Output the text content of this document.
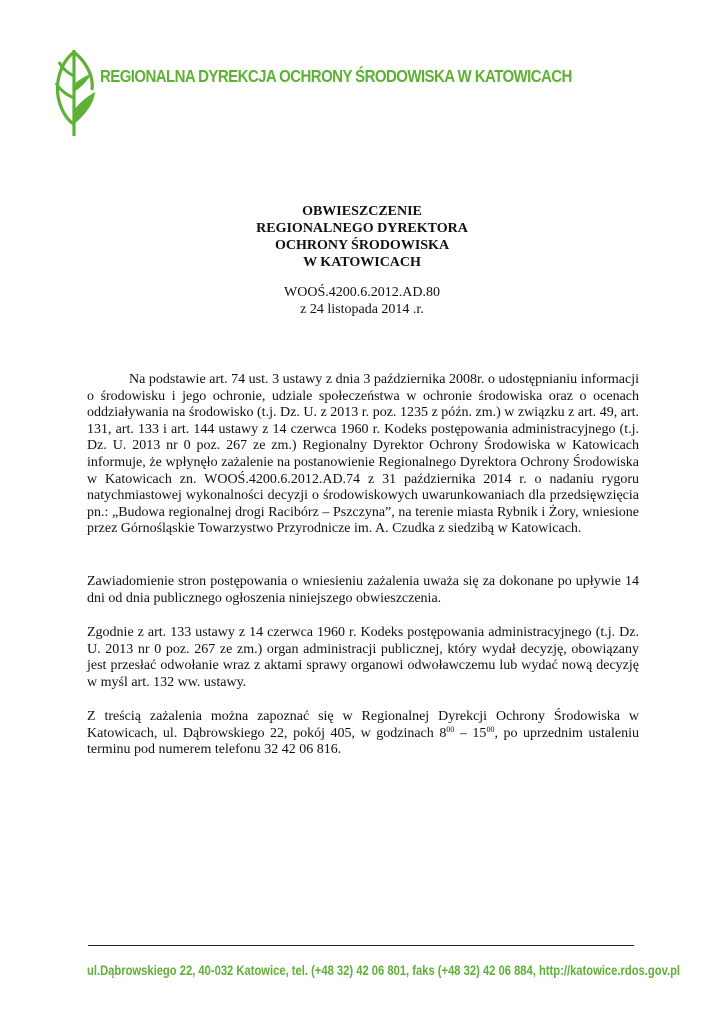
REGIONALNA DYREKCJA OCHRONY ŚRODOWISKA W KATOWICACH
OBWIESZCZENIE
REGIONALNEGO DYREKTORA
OCHRONY ŚRODOWISKA
W KATOWICACH
WOOŚ.4200.6.2012.AD.80
z 24 listopada 2014 .r.

Na podstawie art. 74 ust. 3 ustawy z dnia 3 października 2008r. o udostępnianiu informacji o środowisku i jego ochronie, udziale społeczeństwa w ochronie środowiska oraz o ocenach oddziaływania na środowisko (t.j. Dz. U. z 2013 r. poz. 1235 z późn. zm.) w związku z art. 49, art. 131, art. 133 i art. 144 ustawy z 14 czerwca 1960 r. Kodeks postępowania administracyjnego (t.j. Dz. U. 2013 nr 0 poz. 267 ze zm.) Regionalny Dyrektor Ochrony Środowiska w Katowicach informuje, że wpłynęło zażalenie na postanowienie Regionalnego Dyrektora Ochrony Środowiska w Katowicach zn. WOOŚ.4200.6.2012.AD.74 z 31 października 2014 r. o nadaniu rygoru natychmiastowej wykonalności decyzji o środowiskowych uwarunkowaniach dla przedsięwzięcia pn.: „Budowa regionalnej drogi Racibórz – Pszczyna”, na terenie miasta Rybnik i Żory, wniesione przez Górnośląskie Towarzystwo Przyrodnicze im. A. Czudka z siedzibą w Katowicach.

Zawiadomienie stron postępowania o wniesieniu zażalenia uważa się za dokonane po upływie 14 dni od dnia publicznego ogłoszenia niniejszego obwieszczenia.

Zgodnie z art. 133 ustawy z 14 czerwca 1960 r. Kodeks postępowania administracyjnego (t.j. Dz. U. 2013 nr 0 poz. 267 ze zm.) organ administracji publicznej, który wydał decyzję, obowiązany jest przesłać odwołanie wraz z aktami sprawy organowi odwoławczemu lub wydać nową decyzję w myśl art. 132 ww. ustawy.

Z treścią zażalenia można zapoznać się w Regionalnej Dyrekcji Ochrony Środowiska w Katowicach, ul. Dąbrowskiego 22, pokój 405, w godzinach $8^{00} - 15^{00}$, po uprzednim ustaleniu terminu pod numerem telefonu 32 42 06 816.

ul.Dąbrowskiego 22, 40-032 Katowice, tel. (+48 32) 42 06 801, faks (+48 32) 42 06 884, http://katowice.rdos.gov.pl
